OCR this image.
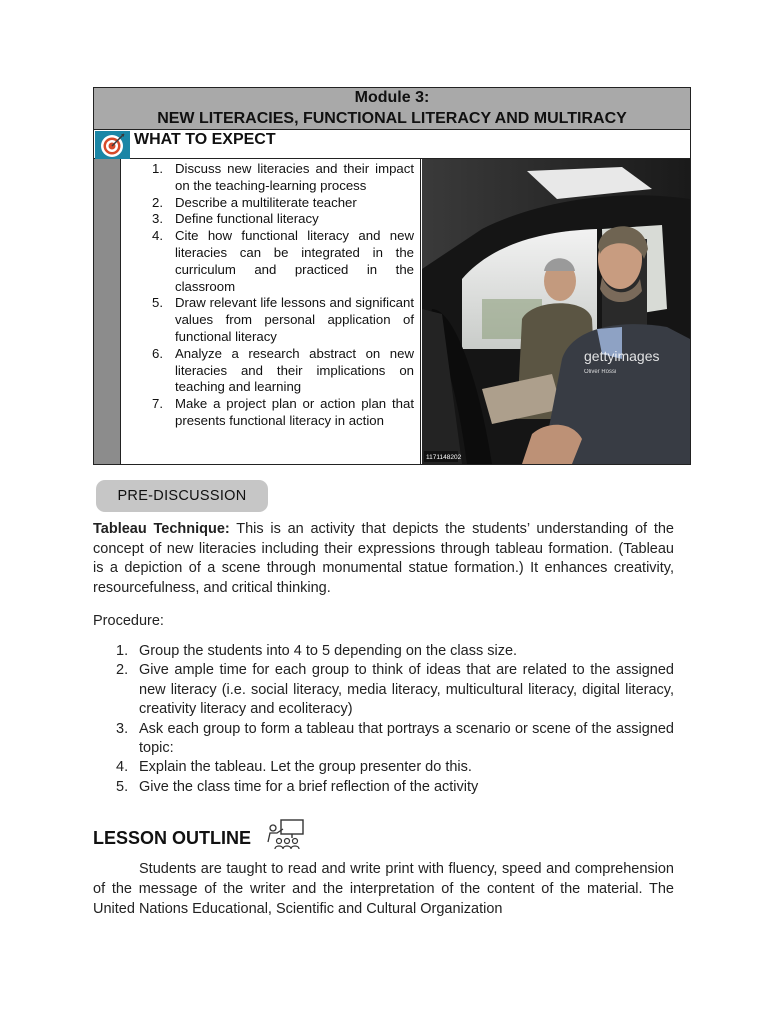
Module 3:
NEW LITERACIES, FUNCTIONAL LITERACY AND MULTIRACY
WHAT TO EXPECT
1. Discuss new literacies and their impact on the teaching-learning process
2. Describe a multiliterate teacher
3. Define functional literacy
4. Cite how functional literacy and new literacies can be integrated in the curriculum and practiced in the classroom
5. Draw relevant life lessons and significant values from personal application of functional literacy
6. Analyze a research abstract on new literacies and their implications on teaching and learning
7. Make a project plan or action plan that presents functional literacy in action
gettyimages
Oliver Rossi
1171148202
PRE-DISCUSSION
Tableau Technique: This is an activity that depicts the students’ understanding of the concept of new literacies including their expressions through tableau formation. (Tableau is a depiction of a scene through monumental statue formation.) It enhances creativity, resourcefulness, and critical thinking.
Procedure:
1. Group the students into 4 to 5 depending on the class size.
2. Give ample time for each group to think of ideas that are related to the assigned new literacy (i.e. social literacy, media literacy, multicultural literacy, digital literacy, creativity literacy and ecoliteracy)
3. Ask each group to form a tableau that portrays a scenario or scene of the assigned topic:
4. Explain the tableau. Let the group presenter do this.
5. Give the class time for a brief reflection of the activity
LESSON OUTLINE
Students are taught to read and write print with fluency, speed and comprehension of the message of the writer and the interpretation of the content of the material. The United Nations Educational, Scientific and Cultural Organization
